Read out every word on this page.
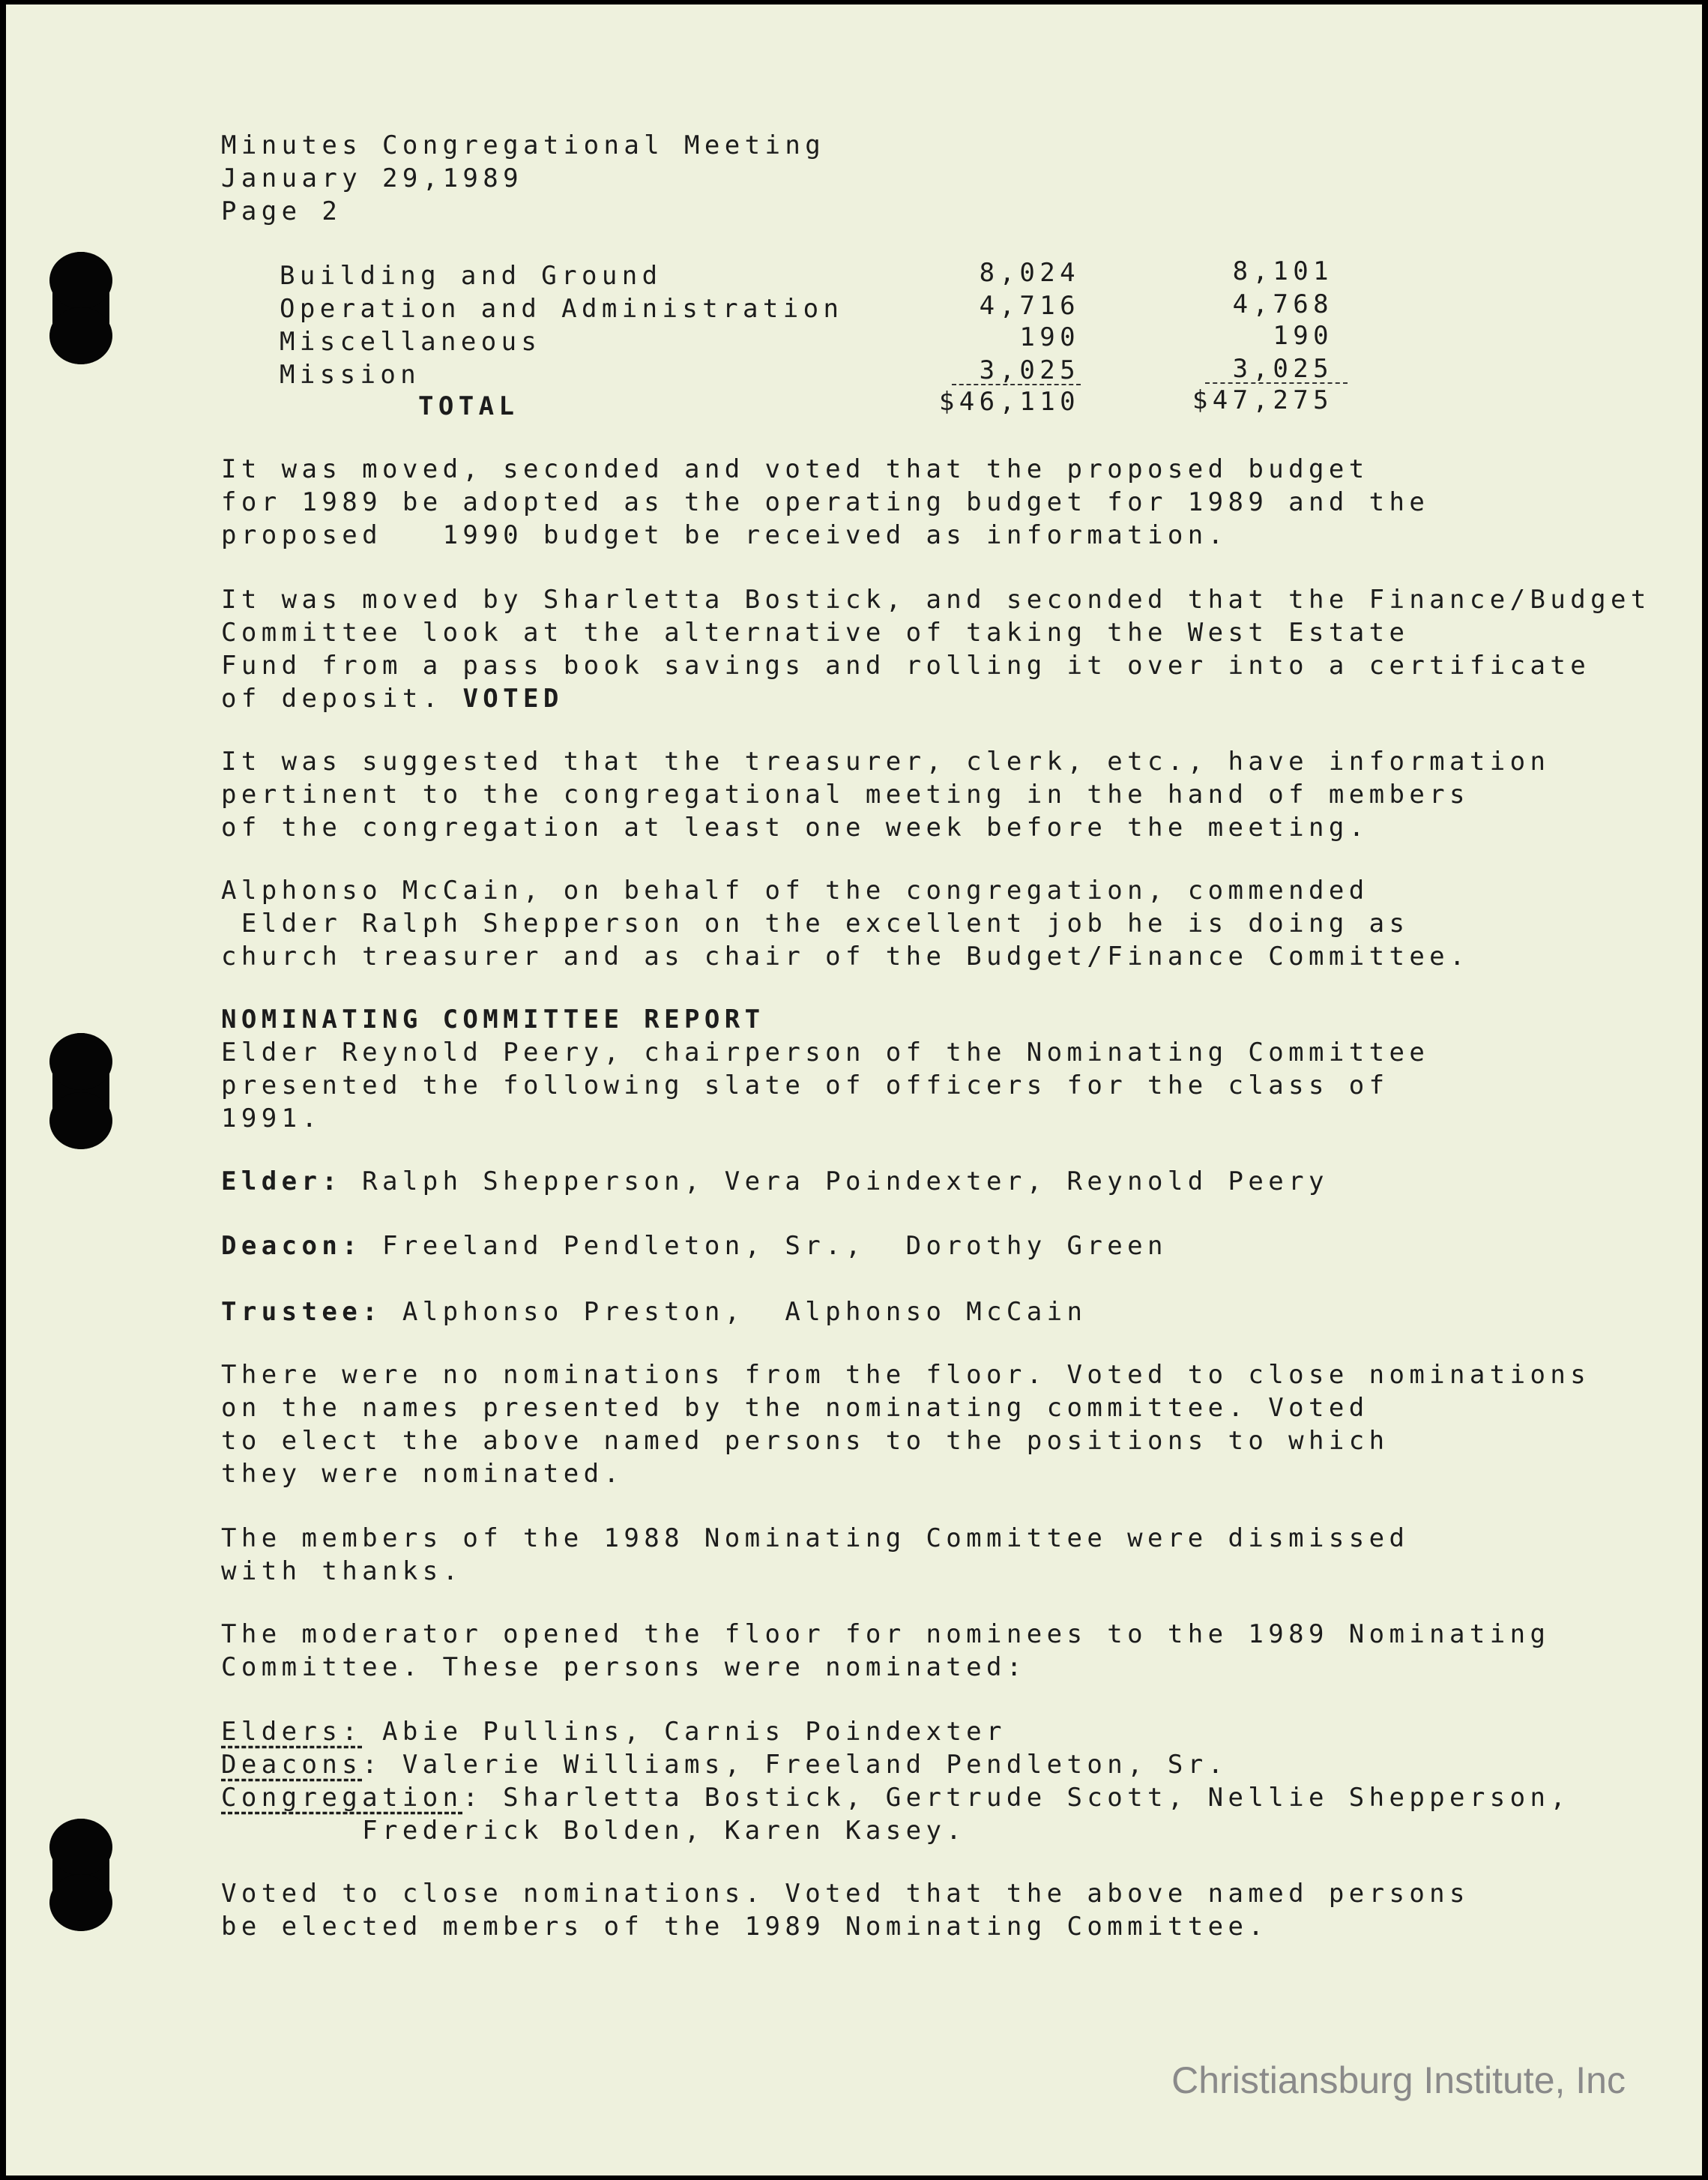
Minutes Congregational Meeting
January 29,1989
Page 2
Building and Ground	8,024	8,101
Operation and Administration	4,716	4,768
Miscellaneous	190	190
Mission	3,025	3,025
TOTAL	$46,110	$47,275
It was moved, seconded and voted that the proposed budget
for 1989 be adopted as the operating budget for 1989 and the
proposed   1990 budget be received as information.
It was moved by Sharletta Bostick, and seconded that the Finance/Budget
Committee look at the alternative of taking the West Estate
Fund from a pass book savings and rolling it over into a certificate
of deposit. VOTED
It was suggested that the treasurer, clerk, etc., have information
pertinent to the congregational meeting in the hand of members
of the congregation at least one week before the meeting.
Alphonso McCain, on behalf of the congregation, commended
Elder Ralph Shepperson on the excellent job he is doing as
church treasurer and as chair of the Budget/Finance Committee.
NOMINATING COMMITTEE REPORT
Elder Reynold Peery, chairperson of the Nominating Committee
presented the following slate of officers for the class of
1991.
Elder: Ralph Shepperson, Vera Poindexter, Reynold Peery
Deacon: Freeland Pendleton, Sr.,  Dorothy Green
Trustee: Alphonso Preston,  Alphonso McCain
There were no nominations from the floor. Voted to close nominations
on the names presented by the nominating committee. Voted
to elect the above named persons to the positions to which
they were nominated.
The members of the 1988 Nominating Committee were dismissed
with thanks.
The moderator opened the floor for nominees to the 1989 Nominating
Committee. These persons were nominated:
Elders: Abie Pullins, Carnis Poindexter
Deacons: Valerie Williams, Freeland Pendleton, Sr.
Congregation: Sharletta Bostick, Gertrude Scott, Nellie Shepperson,
Frederick Bolden, Karen Kasey.
Voted to close nominations. Voted that the above named persons
be elected members of the 1989 Nominating Committee.
Christiansburg Institute, Inc
